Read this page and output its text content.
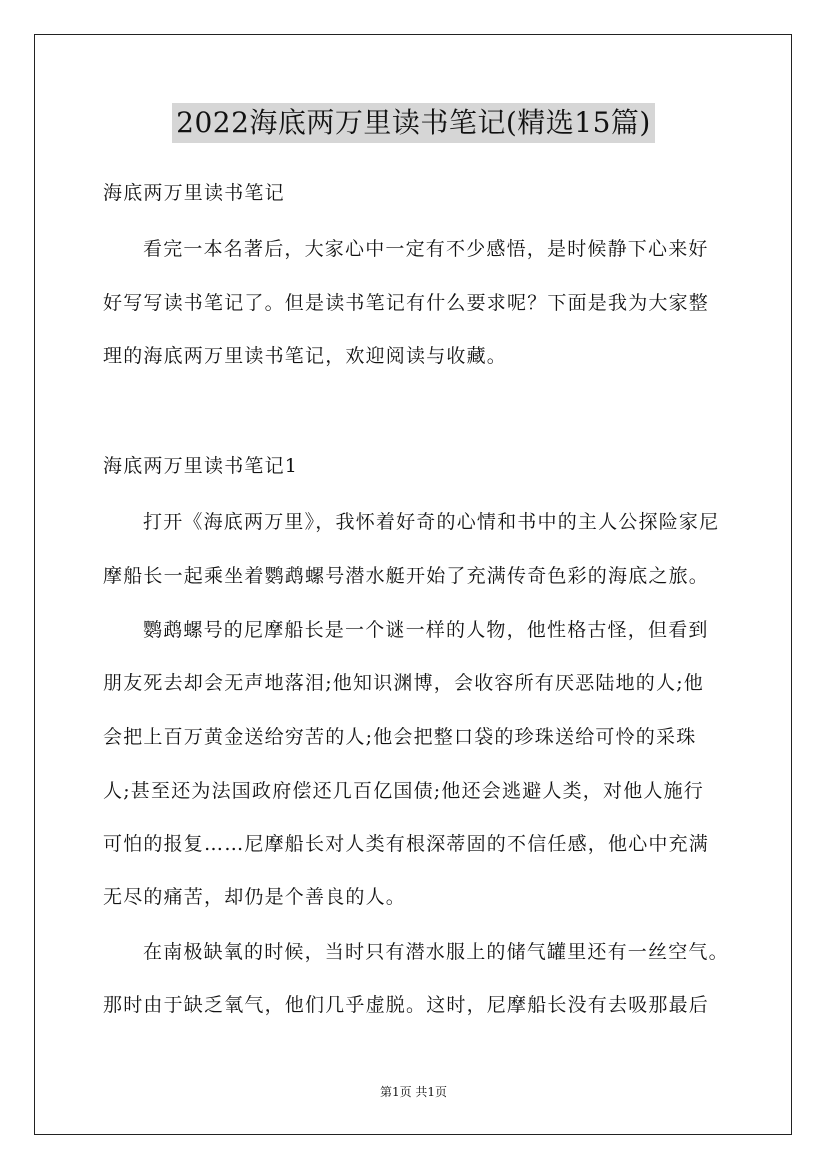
2022海底两万里读书笔记(精选15篇)
海底两万里读书笔记
看完一本名著后，大家心中一定有不少感悟，是时候静下心来好
好写写读书笔记了。但是读书笔记有什么要求呢？下面是我为大家整
理的海底两万里读书笔记，欢迎阅读与收藏。
海底两万里读书笔记1
打开《海底两万里》，我怀着好奇的心情和书中的主人公探险家尼
摩船长一起乘坐着鹦鹉螺号潜水艇开始了充满传奇色彩的海底之旅。
鹦鹉螺号的尼摩船长是一个谜一样的人物，他性格古怪，但看到
朋友死去却会无声地落泪;他知识渊博，会收容所有厌恶陆地的人;他
会把上百万黄金送给穷苦的人;他会把整口袋的珍珠送给可怜的采珠
人;甚至还为法国政府偿还几百亿国债;他还会逃避人类，对他人施行
可怕的报复……尼摩船长对人类有根深蒂固的不信任感，他心中充满
无尽的痛苦，却仍是个善良的人。
在南极缺氧的时候，当时只有潜水服上的储气罐里还有一丝空气。
那时由于缺乏氧气，他们几乎虚脱。这时，尼摩船长没有去吸那最后
第1页 共1页
